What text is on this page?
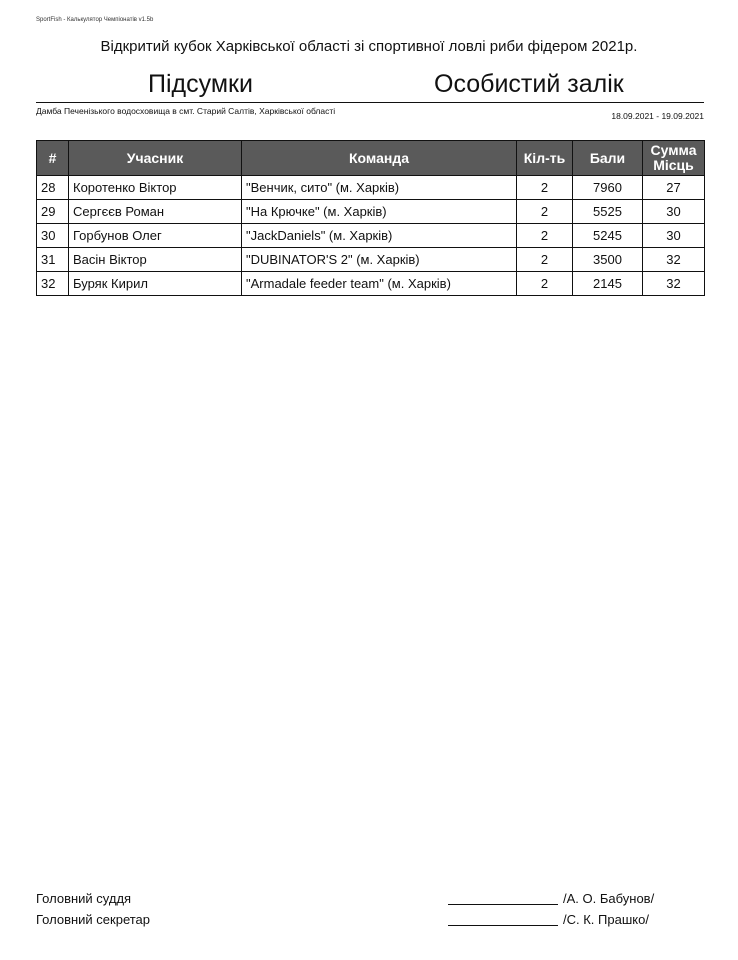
SportFish - Калькулятор Чемпіонатів v1.5b
Відкритий кубок Харківської області зі спортивної ловлі риби фідером 2021р.
Підсумки	Особистий залік
Дамба Печенізького водосховища в смт. Старий Салтів, Харківської області	18.09.2021 - 19.09.2021
#	Учасник	Команда	Кіл-ть	Бали	Сумма Місць
28	Коротенко Віктор	"Венчик, сито" (м. Харків)	2	7960	27
29	Сергєєв Роман	"На Крючке" (м. Харків)	2	5525	30
30	Горбунов Олег	"JackDaniels" (м. Харків)	2	5245	30
31	Васін Віктор	"DUBINATOR'S 2" (м. Харків)	2	3500	32
32	Буряк Кирил	"Armadale feeder team" (м. Харків)	2	2145	32
Головний суддя	/А. О. Бабунов/
Головний секретар	/С. К. Прашко/
